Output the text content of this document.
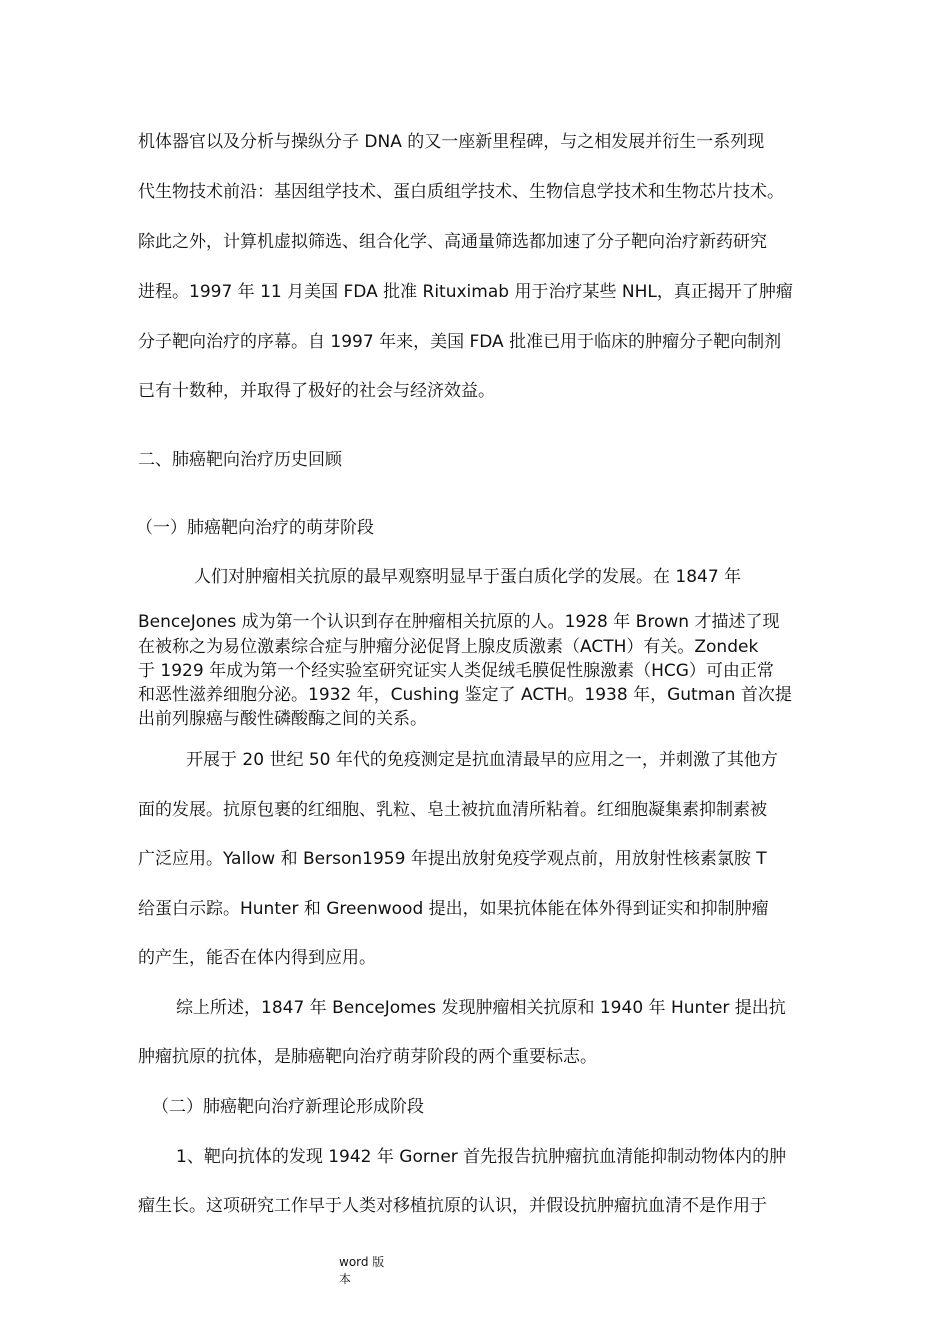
机体器官以及分析与操纵分子 DNA 的又一座新里程碑，与之相发展并衍生一系列现
代生物技术前沿：基因组学技术、蛋白质组学技术、生物信息学技术和生物芯片技术。
除此之外，计算机虚拟筛选、组合化学、高通量筛选都加速了分子靶向治疗新药研究
进程。1997 年 11 月美国 FDA 批准 Rituximab 用于治疗某些 NHL，真正揭开了肿瘤
分子靶向治疗的序幕。自 1997 年来，美国 FDA 批准已用于临床的肿瘤分子靶向制剂
已有十数种，并取得了极好的社会与经济效益。
二、肺癌靶向治疗历史回顾
（一）肺癌靶向治疗的萌芽阶段
人们对肿瘤相关抗原的最早观察明显早于蛋白质化学的发展。在 1847 年
BenceJones 成为第一个认识到存在肿瘤相关抗原的人。1928 年 Brown 才描述了现
在被称之为易位激素综合症与肿瘤分泌促肾上腺皮质激素（ACTH）有关。Zondek
于 1929 年成为第一个经实验室研究证实人类促绒毛膜促性腺激素（HCG）可由正常
和恶性滋养细胞分泌。1932 年，Cushing 鉴定了 ACTH。1938 年，Gutman 首次提
出前列腺癌与酸性磷酸酶之间的关系。
开展于 20 世纪 50 年代的免疫测定是抗血清最早的应用之一，并刺激了其他方
面的发展。抗原包裹的红细胞、乳粒、皂土被抗血清所粘着。红细胞凝集素抑制素被
广泛应用。Yallow 和 Berson1959 年提出放射免疫学观点前，用放射性核素氯胺 T
给蛋白示踪。Hunter 和 Greenwood 提出，如果抗体能在体外得到证实和抑制肿瘤
的产生，能否在体内得到应用。
综上所述，1847 年 BenceJomes 发现肿瘤相关抗原和 1940 年 Hunter 提出抗
肿瘤抗原的抗体，是肺癌靶向治疗萌芽阶段的两个重要标志。
（二）肺癌靶向治疗新理论形成阶段
1、靶向抗体的发现 1942 年 Gorner 首先报告抗肿瘤抗血清能抑制动物体内的肿
瘤生长。这项研究工作早于人类对移植抗原的认识，并假设抗肿瘤抗血清不是作用于
word 版本
